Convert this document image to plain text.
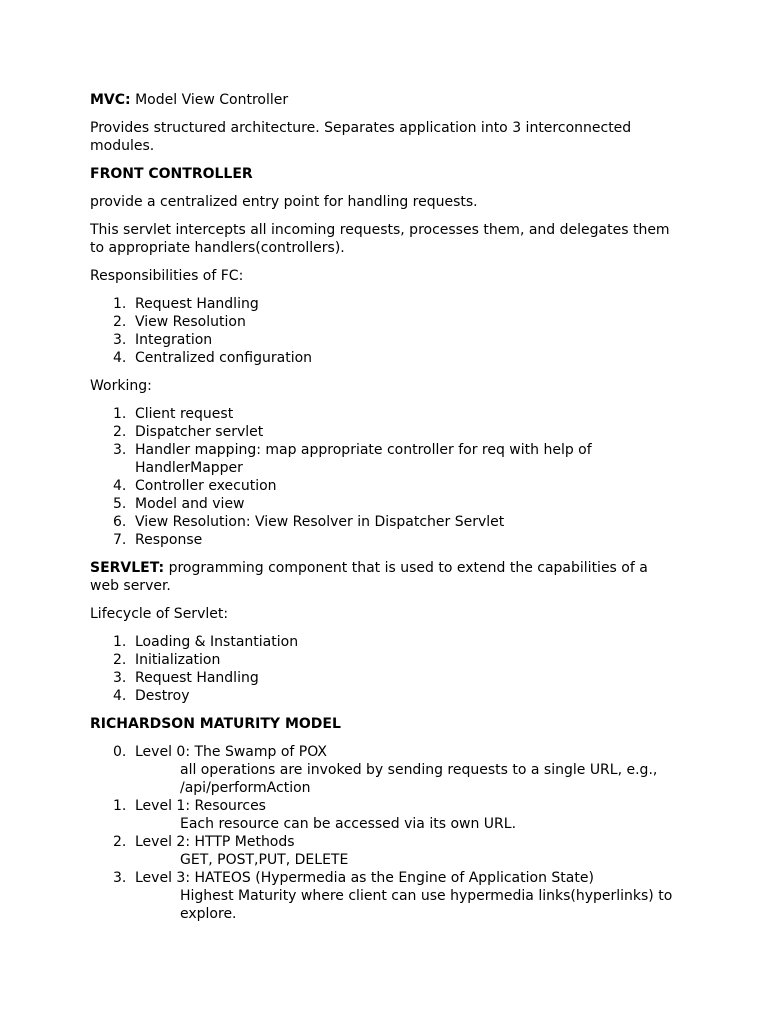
MVC: Model View Controller
Provides structured architecture. Separates application into 3 interconnected modules.
FRONT CONTROLLER
provide a centralized entry point for handling requests.
This servlet intercepts all incoming requests, processes them, and delegates them to appropriate handlers(controllers).
Responsibilities of FC:
1. Request Handling
2. View Resolution
3. Integration
4. Centralized configuration
Working:
1. Client request
2. Dispatcher servlet
3. Handler mapping: map appropriate controller for req with help of HandlerMapper
4. Controller execution
5. Model and view
6. View Resolution: View Resolver in Dispatcher Servlet
7. Response
SERVLET: programming component that is used to extend the capabilities of a web server.
Lifecycle of Servlet:
1. Loading & Instantiation
2. Initialization
3. Request Handling
4. Destroy
RICHARDSON MATURITY MODEL
0. Level 0: The Swamp of POX
all operations are invoked by sending requests to a single URL, e.g., /api/performAction
1. Level 1: Resources
Each resource can be accessed via its own URL.
2. Level 2: HTTP Methods
GET, POST,PUT, DELETE
3. Level 3: HATEOS (Hypermedia as the Engine of Application State)
Highest Maturity where client can use hypermedia links(hyperlinks) to explore.
